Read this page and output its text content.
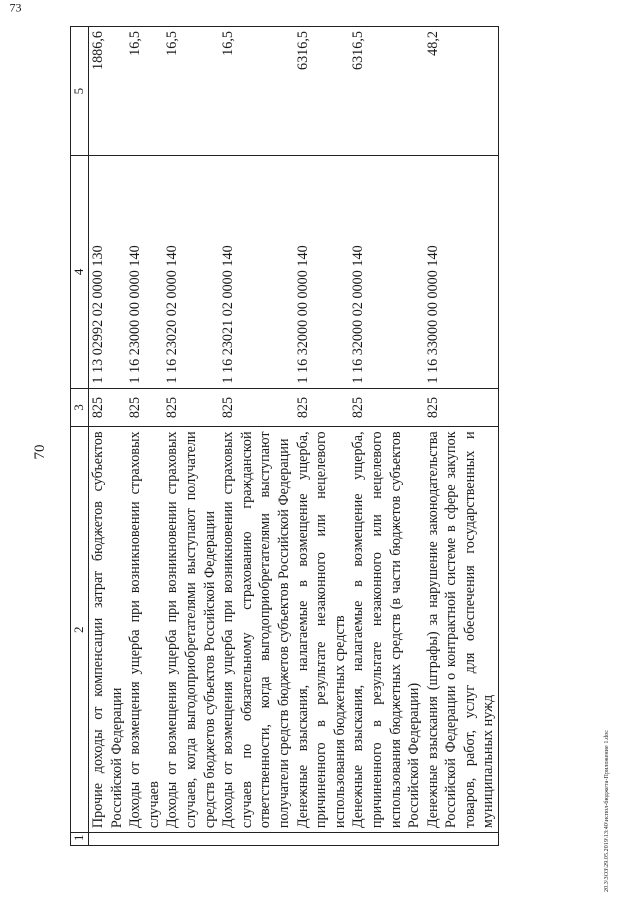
70
73
1	2	3	4	5
	Прочие доходы от компенсации затрат бюджетов субъектов Российской Федерации	825	1 13 02992 02 0000 130	1886,6
	Доходы от возмещения ущерба при возникновении страховых случаев	825	1 16 23000 00 0000 140	16,5
	Доходы от возмещения ущерба при возникновении страховых случаев, когда выгодоприобретателями выступают получатели средств бюджетов субъектов Российской Федерации	825	1 16 23020 02 0000 140	16,5
	Доходы от возмещения ущерба при возникновении страховых случаев по обязательному страхованию гражданской ответственности, когда выгодоприобретателями выступают получатели средств бюджетов субъектов Российской Федерации	825	1 16 23021 02 0000 140	16,5
	Денежные взыскания, налагаемые в возмещение ущерба, причиненного в результате незаконного или нецелевого использования бюджетных средств	825	1 16 32000 00 0000 140	6316,5
	Денежные взыскания, налагаемые в возмещение ущерба, причиненного в результате незаконного или нецелевого использования бюджетных средств (в части бюджетов субъектов Российской Федерации)	825	1 16 32000 02 0000 140	6316,5
	Денежные взыскания (штрафы) за нарушение законодательства Российской Федерации о контрактной системе в сфере закупок товаров, работ, услуг для обеспечения государственных и муниципальных нужд	825	1 16 33000 00 0000 140	48,2
20.3\3ОЗ\29.05.2019\13:40\испол-бюджета-Приложение 1.doc
